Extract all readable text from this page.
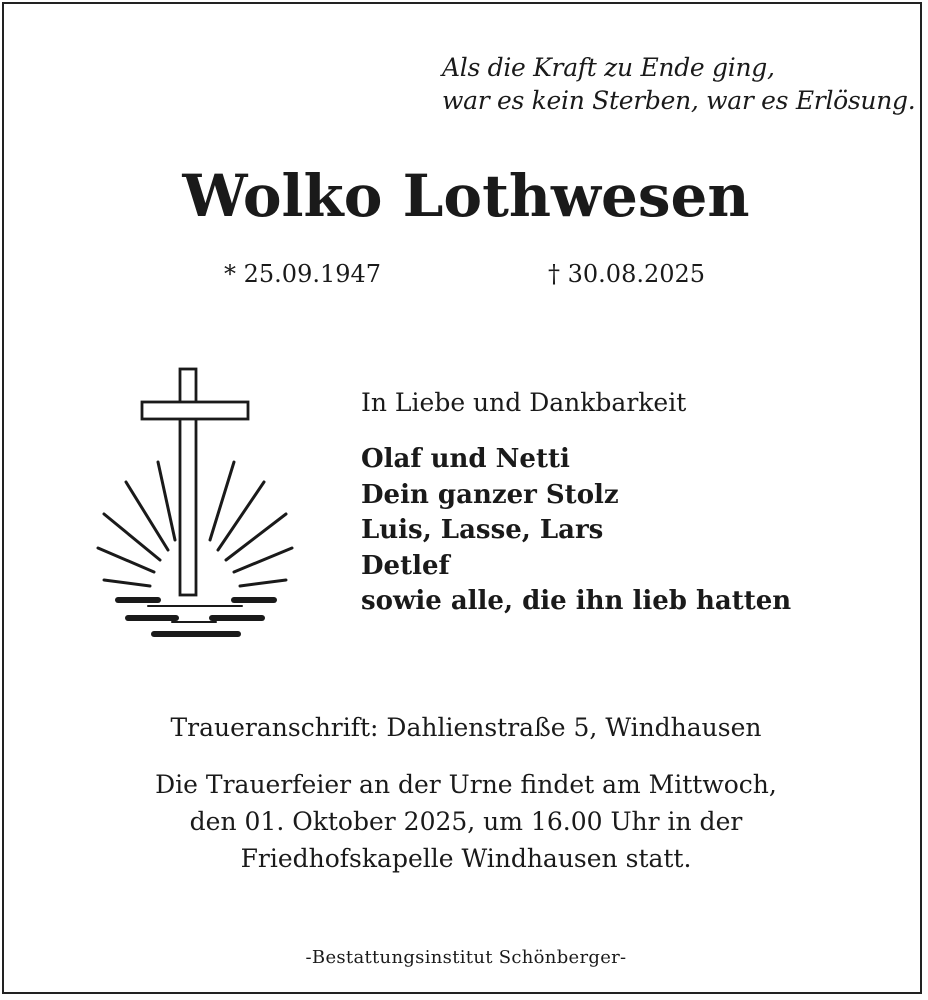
Als die Kraft zu Ende ging,
war es kein Sterben, war es Erlösung.
Wolko Lothwesen
* 25.09.1947	† 30.08.2025
In Liebe und Dankbarkeit
Olaf und Netti
Dein ganzer Stolz
Luis, Lasse, Lars
Detlef
sowie alle, die ihn lieb hatten
Traueranschrift: Dahlienstraße 5, Windhausen
Die Trauerfeier an der Urne findet am Mittwoch,
den 01. Oktober 2025, um 16.00 Uhr in der
Friedhofskapelle Windhausen statt.
-Bestattungsinstitut Schönberger-
